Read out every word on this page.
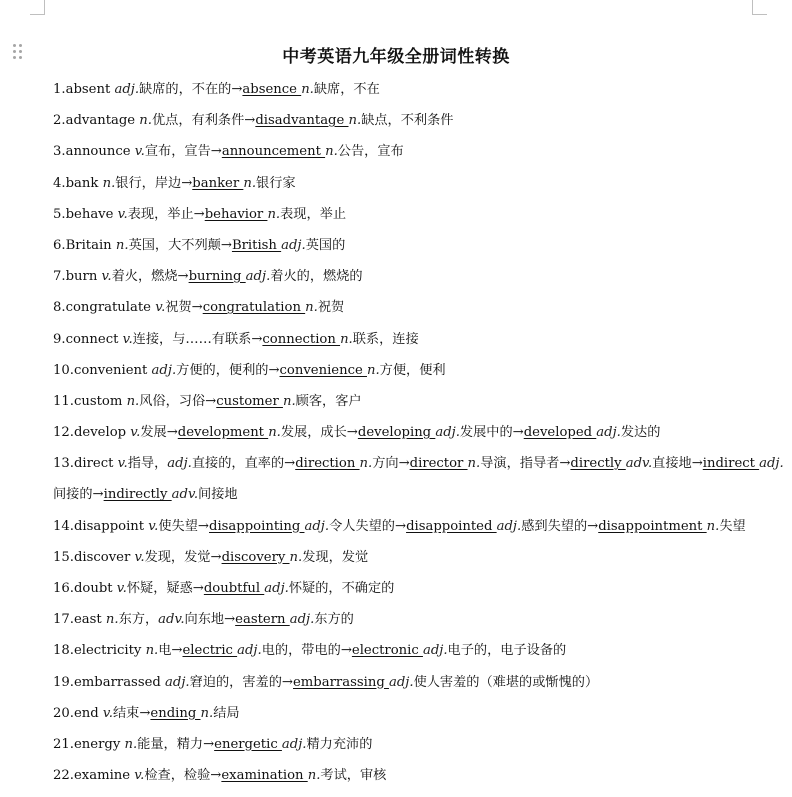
中考英语九年级全册词性转换
1.absent adj.缺席的，不在的→absence n.缺席，不在
2.advantage n.优点，有利条件→disadvantage n.缺点，不利条件
3.announce v.宣布，宣告→announcement n.公告，宣布
4.bank n.银行，岸边→banker n.银行家
5.behave v.表现，举止→behavior n.表现，举止
6.Britain n.英国，大不列颠→British adj.英国的
7.burn v.着火，燃烧→burning adj.着火的，燃烧的
8.congratulate v.祝贺→congratulation n.祝贺
9.connect v.连接，与……有联系→connection n.联系，连接
10.convenient adj.方便的，便利的→convenience n.方便，便利
11.custom n.风俗，习俗→customer n.顾客，客户
12.develop v.发展→development n.发展，成长→developing adj.发展中的→developed adj.发达的
13.direct v.指导，adj.直接的，直率的→direction n.方向→director n.导演，指导者→directly adv.直接地→indirect adj.
间接的→indirectly adv.间接地
14.disappoint v.使失望→disappointing adj.令人失望的→disappointed adj.感到失望的→disappointment n.失望
15.discover v.发现，发觉→discovery n.发现，发觉
16.doubt v.怀疑，疑惑→doubtful adj.怀疑的，不确定的
17.east n.东方，adv.向东地→eastern adj.东方的
18.electricity n.电→electric adj.电的，带电的→electronic adj.电子的，电子设备的
19.embarrassed adj.窘迫的，害羞的→embarrassing adj.使人害羞的（难堪的或惭愧的）
20.end v.结束→ending n.结局
21.energy n.能量，精力→energetic adj.精力充沛的
22.examine v.检查，检验→examination n.考试，审核
